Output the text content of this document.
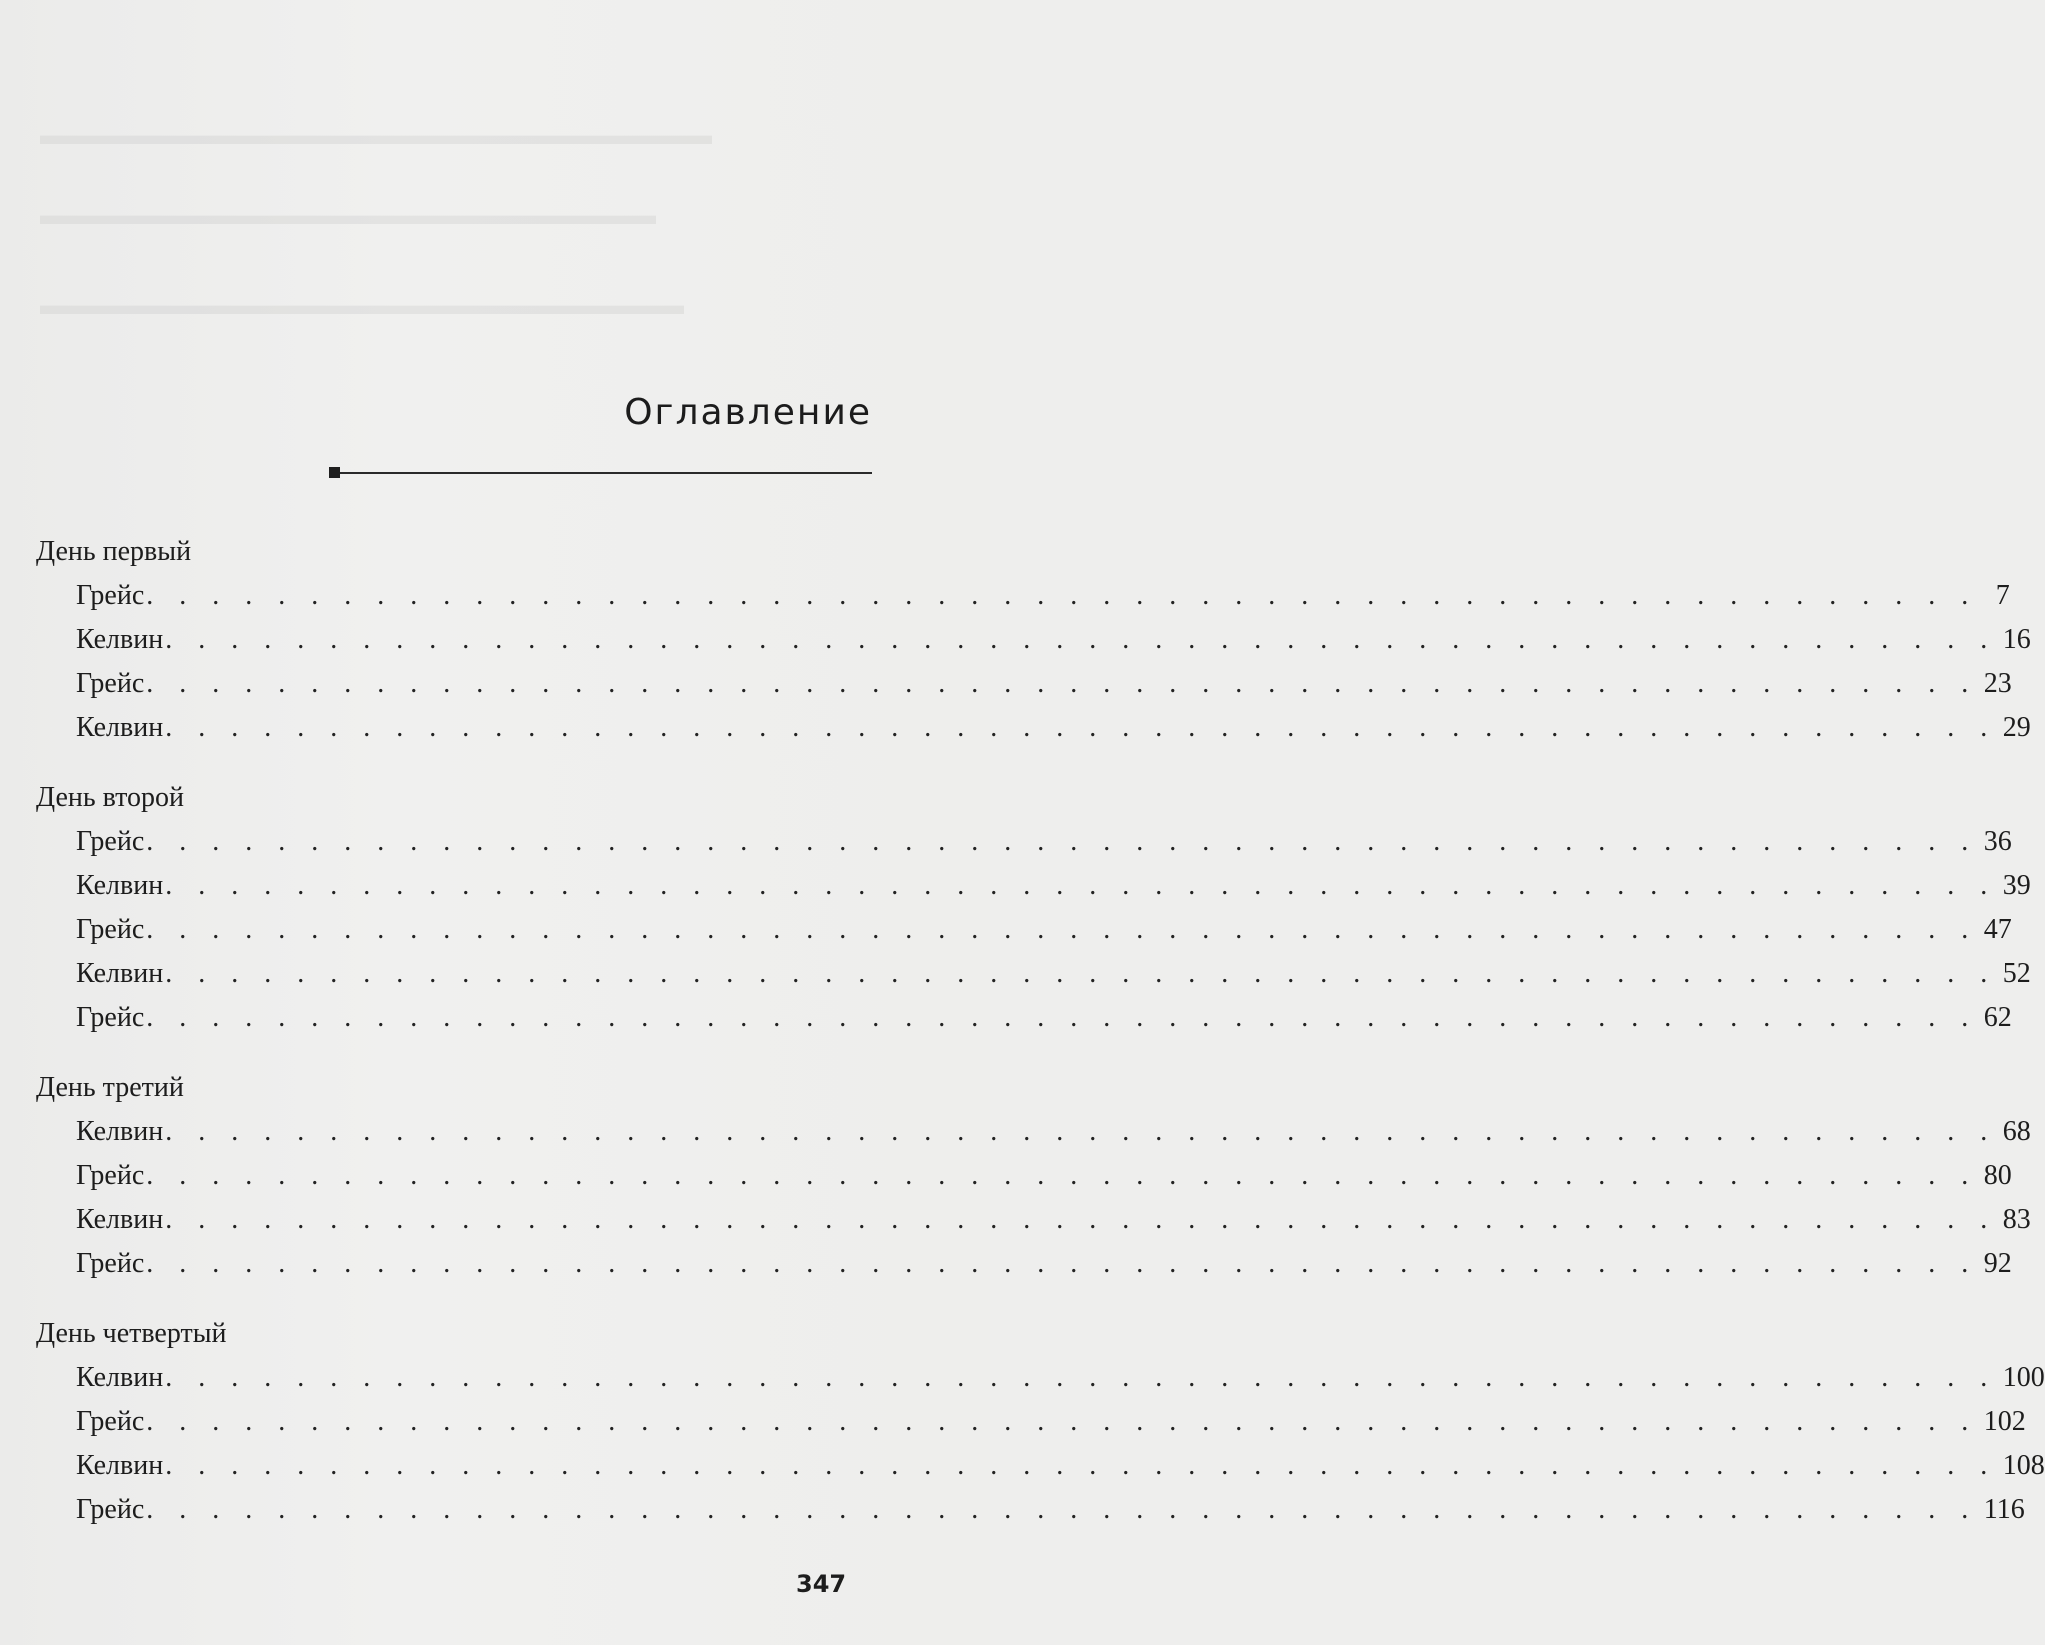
▬▬▬▬▬▬▬▬▬▬▬▬▬▬▬▬▬▬▬▬▬▬▬▬
▬▬▬▬▬▬▬▬▬▬▬▬▬▬▬▬▬▬▬▬▬▬
▬▬▬▬▬▬▬▬▬▬▬▬▬▬▬▬▬▬▬▬▬▬▬
Оглавление
День первый
Грейс . . . . . . . . . . . . . . . . . . . . . . . . . . . . . . . . . . . . . . . . . . . . . . . . . . . . . . . . 7
Келвин . . . . . . . . . . . . . . . . . . . . . . . . . . . . . . . . . . . . . . . . . . . . . . . . . . . . . . . . 16
Грейс . . . . . . . . . . . . . . . . . . . . . . . . . . . . . . . . . . . . . . . . . . . . . . . . . . . . . . . . 23
Келвин . . . . . . . . . . . . . . . . . . . . . . . . . . . . . . . . . . . . . . . . . . . . . . . . . . . . . . . . 29
День второй
Грейс . . . . . . . . . . . . . . . . . . . . . . . . . . . . . . . . . . . . . . . . . . . . . . . . . . . . . . . . 36
Келвин . . . . . . . . . . . . . . . . . . . . . . . . . . . . . . . . . . . . . . . . . . . . . . . . . . . . . . . . 39
Грейс . . . . . . . . . . . . . . . . . . . . . . . . . . . . . . . . . . . . . . . . . . . . . . . . . . . . . . . . 47
Келвин . . . . . . . . . . . . . . . . . . . . . . . . . . . . . . . . . . . . . . . . . . . . . . . . . . . . . . . . 52
Грейс . . . . . . . . . . . . . . . . . . . . . . . . . . . . . . . . . . . . . . . . . . . . . . . . . . . . . . . . 62
День третий
Келвин . . . . . . . . . . . . . . . . . . . . . . . . . . . . . . . . . . . . . . . . . . . . . . . . . . . . . . . . 68
Грейс . . . . . . . . . . . . . . . . . . . . . . . . . . . . . . . . . . . . . . . . . . . . . . . . . . . . . . . . 80
Келвин . . . . . . . . . . . . . . . . . . . . . . . . . . . . . . . . . . . . . . . . . . . . . . . . . . . . . . . . 83
Грейс . . . . . . . . . . . . . . . . . . . . . . . . . . . . . . . . . . . . . . . . . . . . . . . . . . . . . . . . 92
День четвертый
Келвин . . . . . . . . . . . . . . . . . . . . . . . . . . . . . . . . . . . . . . . . . . . . . . . . . . . . . . . . 100
Грейс . . . . . . . . . . . . . . . . . . . . . . . . . . . . . . . . . . . . . . . . . . . . . . . . . . . . . . . . 102
Келвин . . . . . . . . . . . . . . . . . . . . . . . . . . . . . . . . . . . . . . . . . . . . . . . . . . . . . . . . 108
Грейс . . . . . . . . . . . . . . . . . . . . . . . . . . . . . . . . . . . . . . . . . . . . . . . . . . . . . . . . 116
347
